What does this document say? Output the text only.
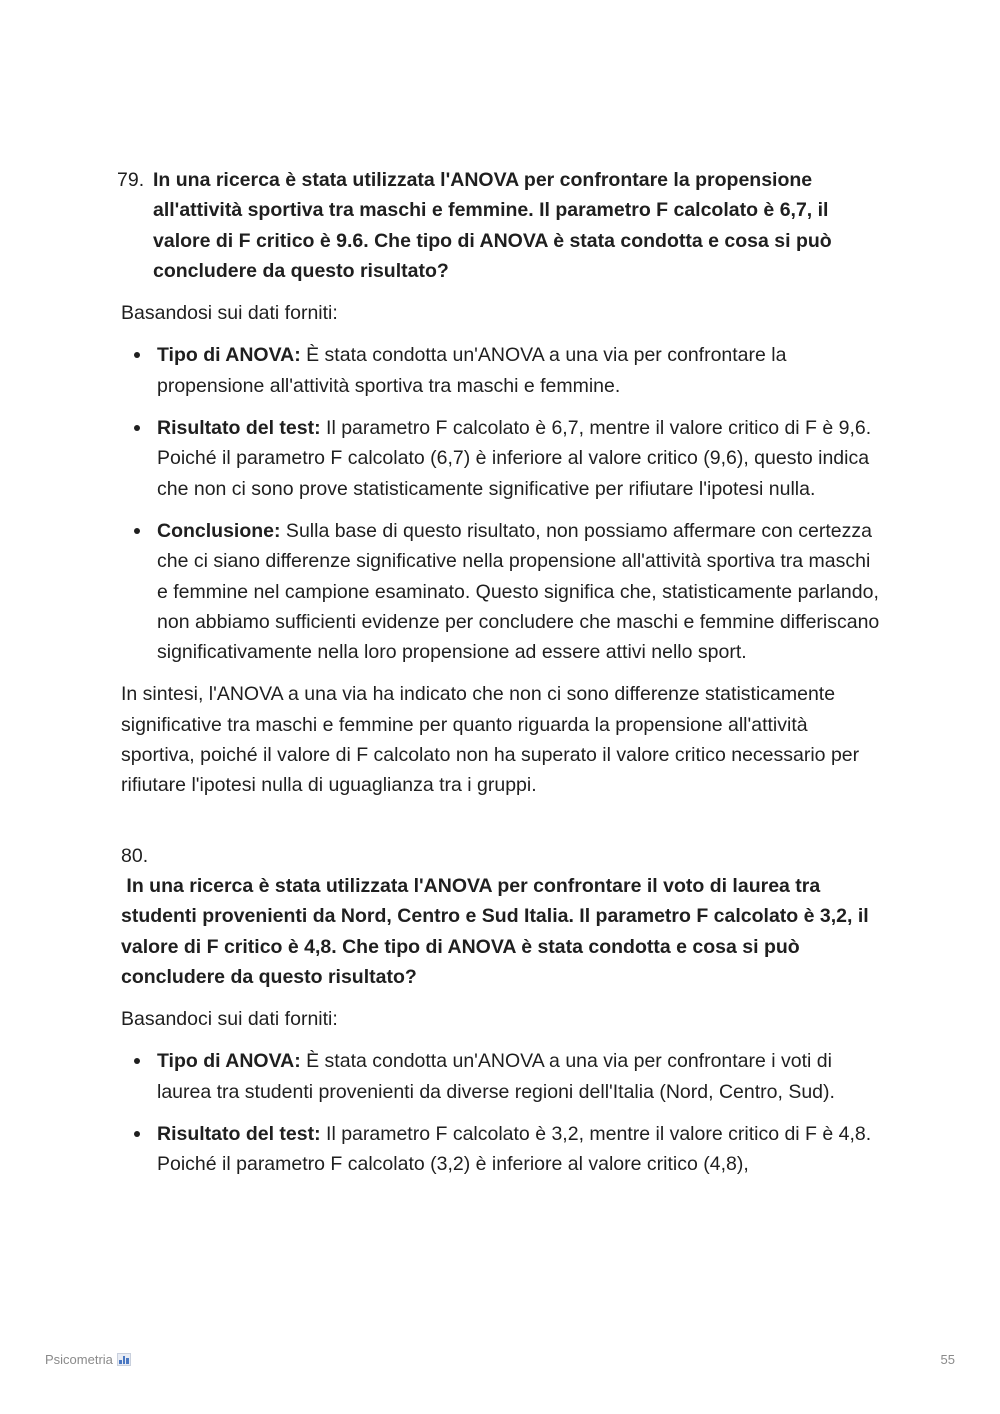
79. In una ricerca è stata utilizzata l'ANOVA per confrontare la propensione all'attività sportiva tra maschi e femmine. Il parametro F calcolato è 6,7, il valore di F critico è 9.6. Che tipo di ANOVA è stata condotta e cosa si può concludere da questo risultato?

Basandosi sui dati forniti:

Tipo di ANOVA: È stata condotta un'ANOVA a una via per confrontare la propensione all'attività sportiva tra maschi e femmine.
Risultato del test: Il parametro F calcolato è 6,7, mentre il valore critico di F è 9,6. Poiché il parametro F calcolato (6,7) è inferiore al valore critico (9,6), questo indica che non ci sono prove statisticamente significative per rifiutare l'ipotesi nulla.
Conclusione: Sulla base di questo risultato, non possiamo affermare con certezza che ci siano differenze significative nella propensione all'attività sportiva tra maschi e femmine nel campione esaminato. Questo significa che, statisticamente parlando, non abbiamo sufficienti evidenze per concludere che maschi e femmine differiscano significativamente nella loro propensione ad essere attivi nello sport.

In sintesi, l'ANOVA a una via ha indicato che non ci sono differenze statisticamente significative tra maschi e femmine per quanto riguarda la propensione all'attività sportiva, poiché il valore di F calcolato non ha superato il valore critico necessario per rifiutare l'ipotesi nulla di uguaglianza tra i gruppi.

80.

In una ricerca è stata utilizzata l'ANOVA per confrontare il voto di laurea tra studenti provenienti da Nord, Centro e Sud Italia. Il parametro F calcolato è 3,2, il valore di F critico è 4,8. Che tipo di ANOVA è stata condotta e cosa si può concludere da questo risultato?

Basandoci sui dati forniti:

Tipo di ANOVA: È stata condotta un'ANOVA a una via per confrontare i voti di laurea tra studenti provenienti da diverse regioni dell'Italia (Nord, Centro, Sud).
Risultato del test: Il parametro F calcolato è 3,2, mentre il valore critico di F è 4,8. Poiché il parametro F calcolato (3,2) è inferiore al valore critico (4,8),
Psicometria	55
